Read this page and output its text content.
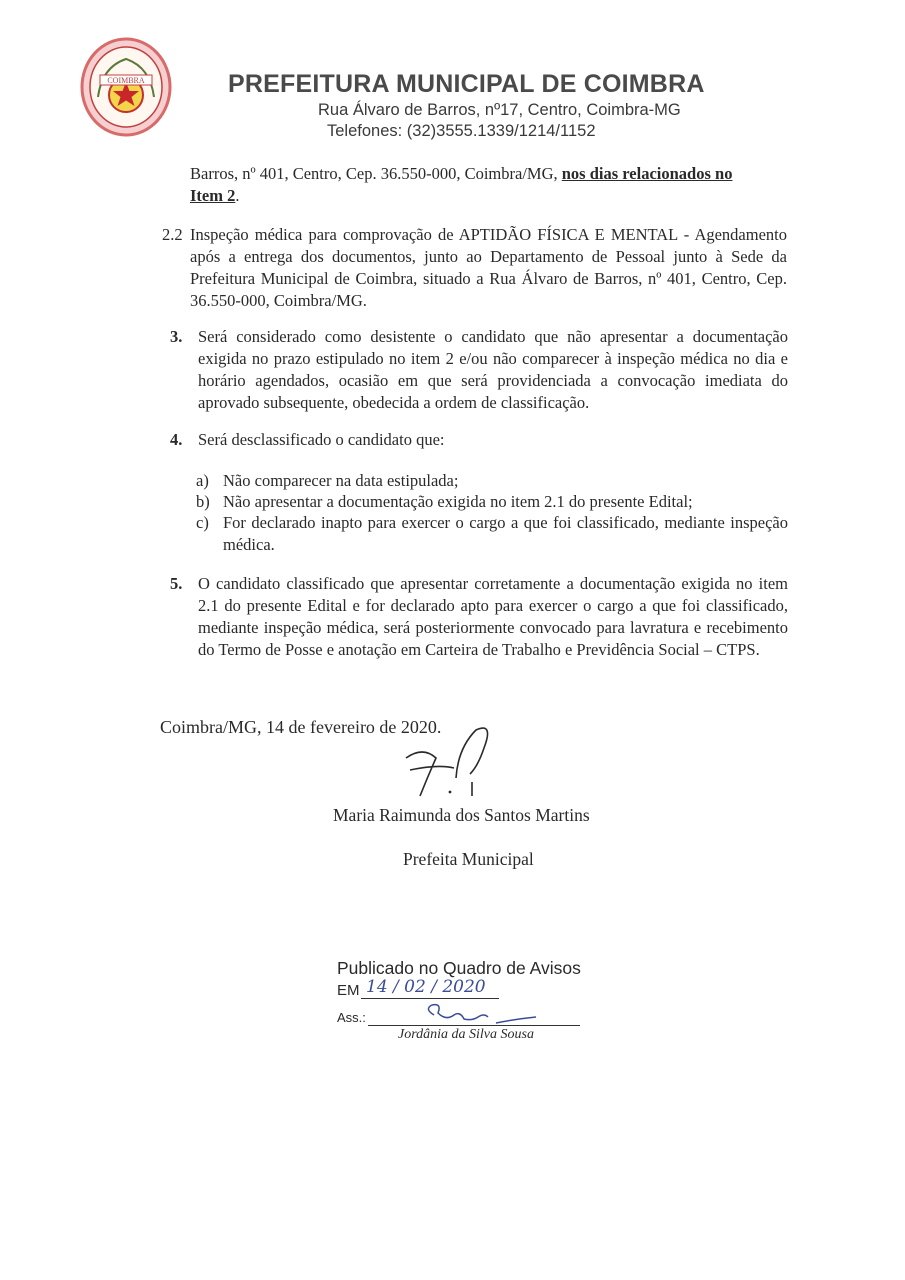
COIMBRA	PREFEITURA MUNICIPAL DE COIMBRA
Rua Álvaro de Barros, nº17, Centro, Coimbra-MG
Telefones: (32)3555.1339/1214/1152
Barros, nº 401, Centro, Cep. 36.550-000, Coimbra/MG, nos dias relacionados no
Item 2.
2.2 Inspeção médica para comprovação de APTIDÃO FÍSICA E MENTAL - Agendamento após a entrega dos documentos, junto ao Departamento de Pessoal junto à Sede da Prefeitura Municipal de Coimbra, situado a Rua Álvaro de Barros, nº 401, Centro, Cep. 36.550-000, Coimbra/MG.
3. Será considerado como desistente o candidato que não apresentar a documentação exigida no prazo estipulado no item 2 e/ou não comparecer à inspeção médica no dia e horário agendados, ocasião em que será providenciada a convocação imediata do aprovado subsequente, obedecida a ordem de classificação.
4. Será desclassificado o candidato que:
a) Não comparecer na data estipulada;
b) Não apresentar a documentação exigida no item 2.1 do presente Edital;
c) For declarado inapto para exercer o cargo a que foi classificado, mediante inspeção médica.
5. O candidato classificado que apresentar corretamente a documentação exigida no item 2.1 do presente Edital e for declarado apto para exercer o cargo a que foi classificado, mediante inspeção médica, será posteriormente convocado para lavratura e recebimento do Termo de Posse e anotação em Carteira de Trabalho e Previdência Social – CTPS.
Coimbra/MG, 14 de fevereiro de 2020.
Maria Raimunda dos Santos Martins
Prefeita Municipal
Publicado no Quadro de Avisos
EM 14 / 02 / 2020
Ass.:
Jordânia da Silva Sousa
